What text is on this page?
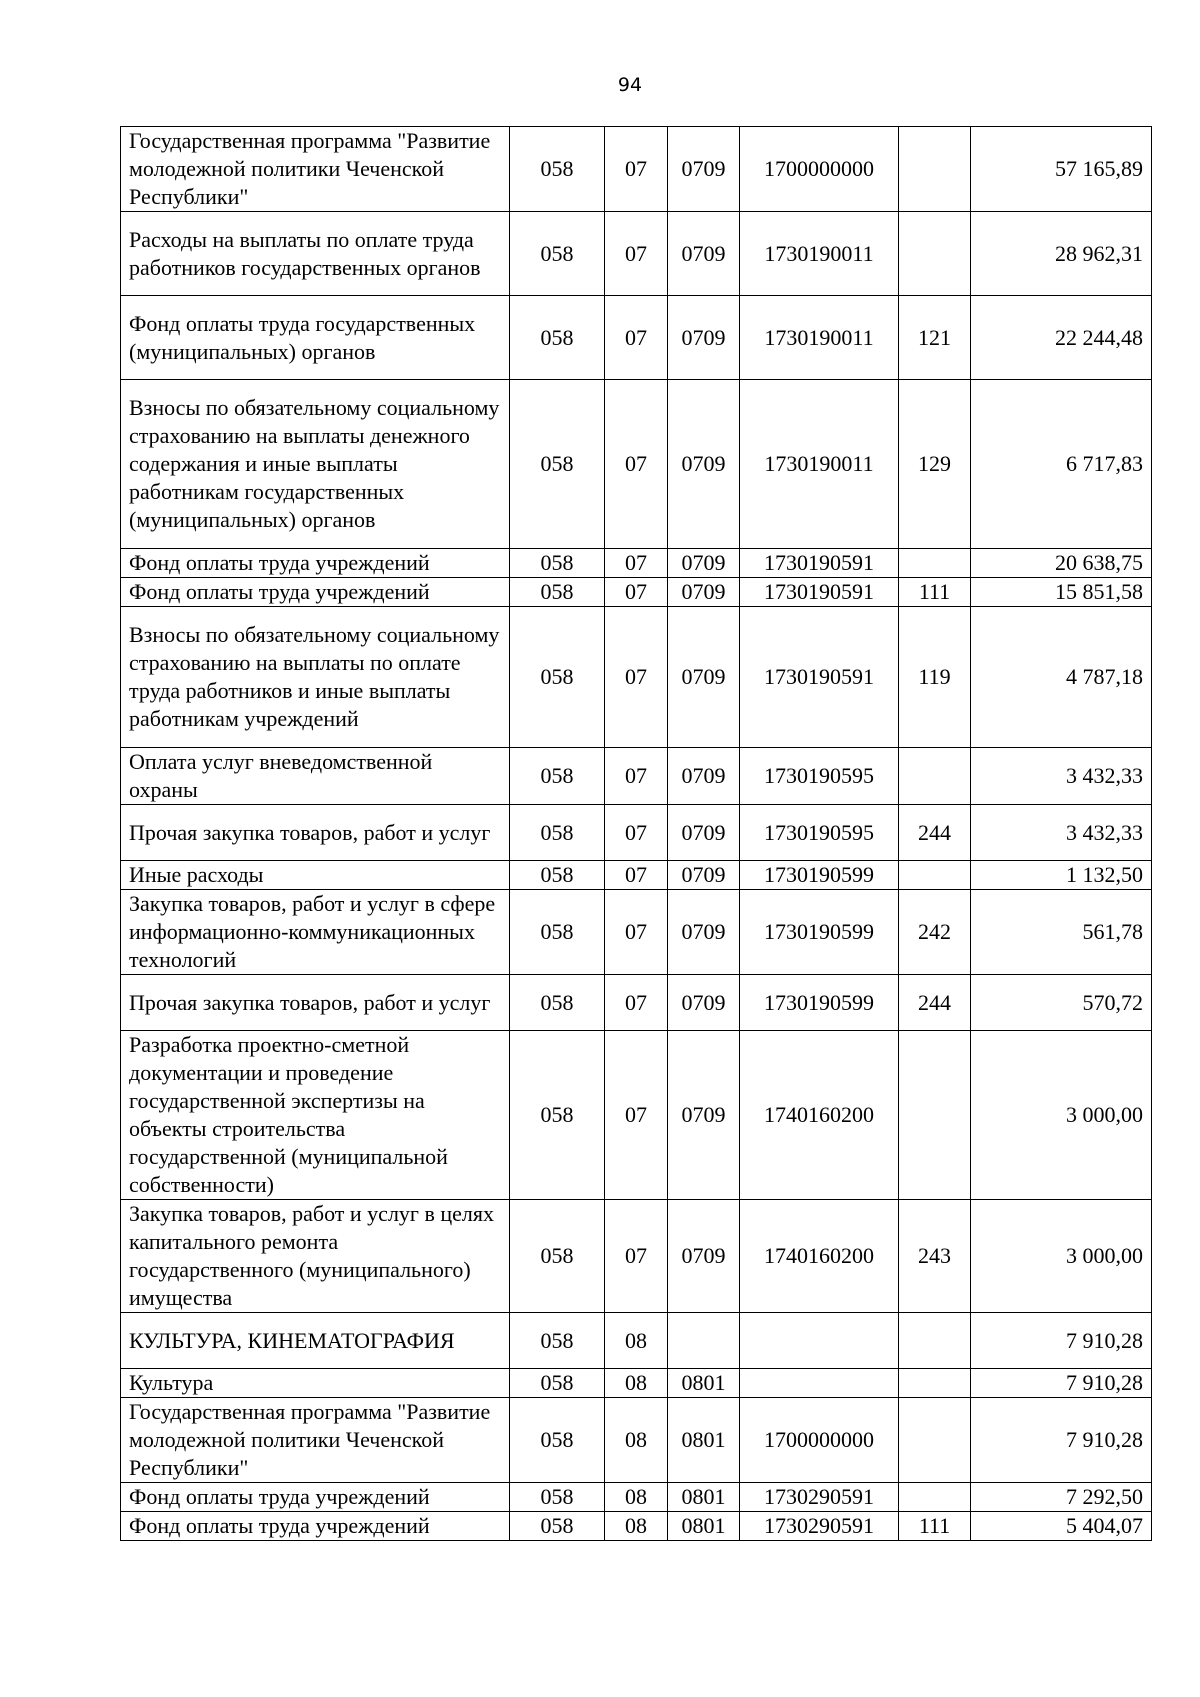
94
Государственная программа "Развитие молодежной политики Чеченской Республики"	058	07	0709	1700000000		57 165,89
Расходы на выплаты по оплате труда работников государственных органов	058	07	0709	1730190011		28 962,31
Фонд оплаты труда государственных (муниципальных) органов	058	07	0709	1730190011	121	22 244,48
Взносы по обязательному социальному страхованию на выплаты денежного содержания и иные выплаты работникам государственных (муниципальных) органов	058	07	0709	1730190011	129	6 717,83
Фонд оплаты труда учреждений	058	07	0709	1730190591		20 638,75
Фонд оплаты труда учреждений	058	07	0709	1730190591	111	15 851,58
Взносы по обязательному социальному страхованию на выплаты по оплате труда работников и иные выплаты работникам учреждений	058	07	0709	1730190591	119	4 787,18
Оплата услуг вневедомственной охраны	058	07	0709	1730190595		3 432,33
Прочая закупка товаров, работ и услуг	058	07	0709	1730190595	244	3 432,33
Иные расходы	058	07	0709	1730190599		1 132,50
Закупка товаров, работ и услуг в сфере информационно-коммуникационных технологий	058	07	0709	1730190599	242	561,78
Прочая закупка товаров, работ и услуг	058	07	0709	1730190599	244	570,72
Разработка проектно-сметной документации и проведение государственной экспертизы на объекты строительства государственной (муниципальной собственности)	058	07	0709	1740160200		3 000,00
Закупка товаров, работ и услуг в целях капитального ремонта государственного (муниципального) имущества	058	07	0709	1740160200	243	3 000,00
КУЛЬТУРА, КИНЕМАТОГРАФИЯ	058	08				7 910,28
Культура	058	08	0801			7 910,28
Государственная программа "Развитие молодежной политики Чеченской Республики"	058	08	0801	1700000000		7 910,28
Фонд оплаты труда учреждений	058	08	0801	1730290591		7 292,50
Фонд оплаты труда учреждений	058	08	0801	1730290591	111	5 404,07
